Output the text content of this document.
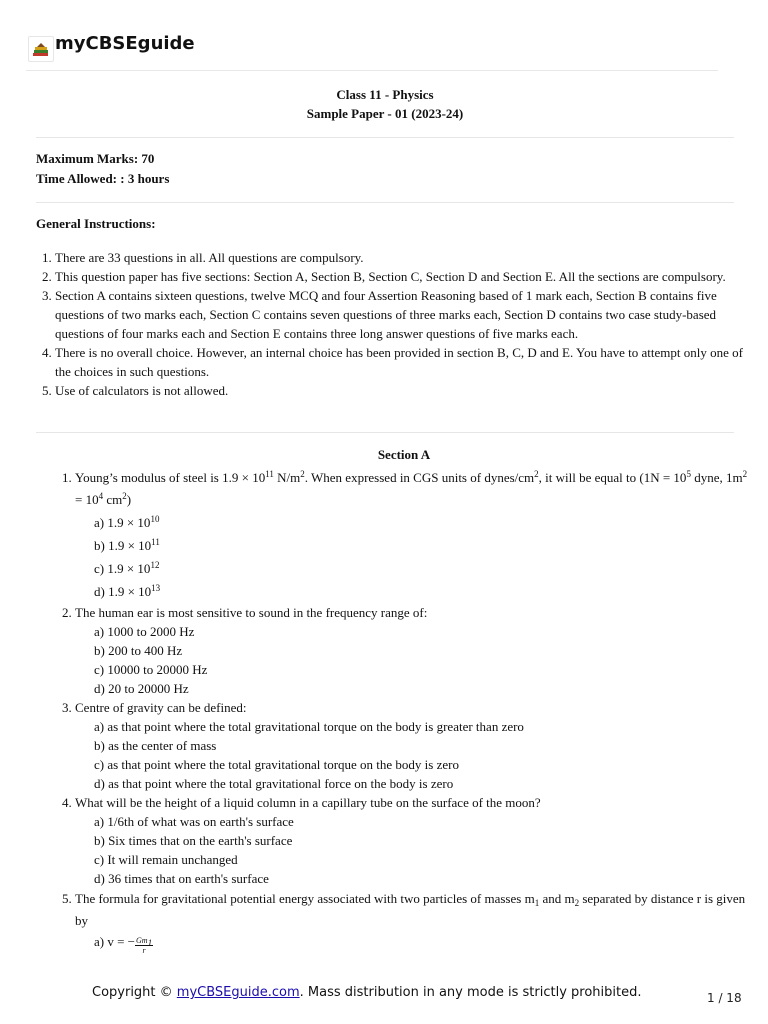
myCBSEguide
Class 11 - Physics
Sample Paper - 01 (2023-24)
Maximum Marks: 70
Time Allowed: : 3 hours
General Instructions:
1. There are 33 questions in all. All questions are compulsory.
2. This question paper has five sections: Section A, Section B, Section C, Section D and Section E. All the sections are compulsory.
3. Section A contains sixteen questions, twelve MCQ and four Assertion Reasoning based of 1 mark each, Section B contains five questions of two marks each, Section C contains seven questions of three marks each, Section D contains two case study-based questions of four marks each and Section E contains three long answer questions of five marks each.
4. There is no overall choice. However, an internal choice has been provided in section B, C, D and E. You have to attempt only one of the choices in such questions.
5. Use of calculators is not allowed.
Section A
1. Young’s modulus of steel is $1.9 \times 10^{11}$ $N/m^2$. When expressed in CGS units of dynes/$cm^2$, it will be equal to ($1N = 10^5$ dyne, $1m^2 = 10^4$ $cm^2$)
a) $1.9 \times 10^{10}$
b) $1.9 \times 10^{11}$
c) $1.9 \times 10^{12}$
d) $1.9 \times 10^{13}$
2. The human ear is most sensitive to sound in the frequency range of:
a) 1000 to 2000 Hz
b) 200 to 400 Hz
c) 10000 to 20000 Hz
d) 20 to 20000 Hz
3. Centre of gravity can be defined:
a) as that point where the total gravitational torque on the body is greater than zero
b) as the center of mass
c) as that point where the total gravitational torque on the body is zero
d) as that point where the total gravitational force on the body is zero
4. What will be the height of a liquid column in a capillary tube on the surface of the moon?
a) 1/6th of what was on earth's surface
b) Six times that on the earth's surface
c) It will remain unchanged
d) 36 times that on earth's surface
5. The formula for gravitational potential energy associated with two particles of masses $m_1$ and $m_2$ separated by distance r is given by
a) v = − $\frac{Gm_1}{r}$
Copyright © myCBSEguide.com. Mass distribution in any mode is strictly prohibited.	1 / 18
